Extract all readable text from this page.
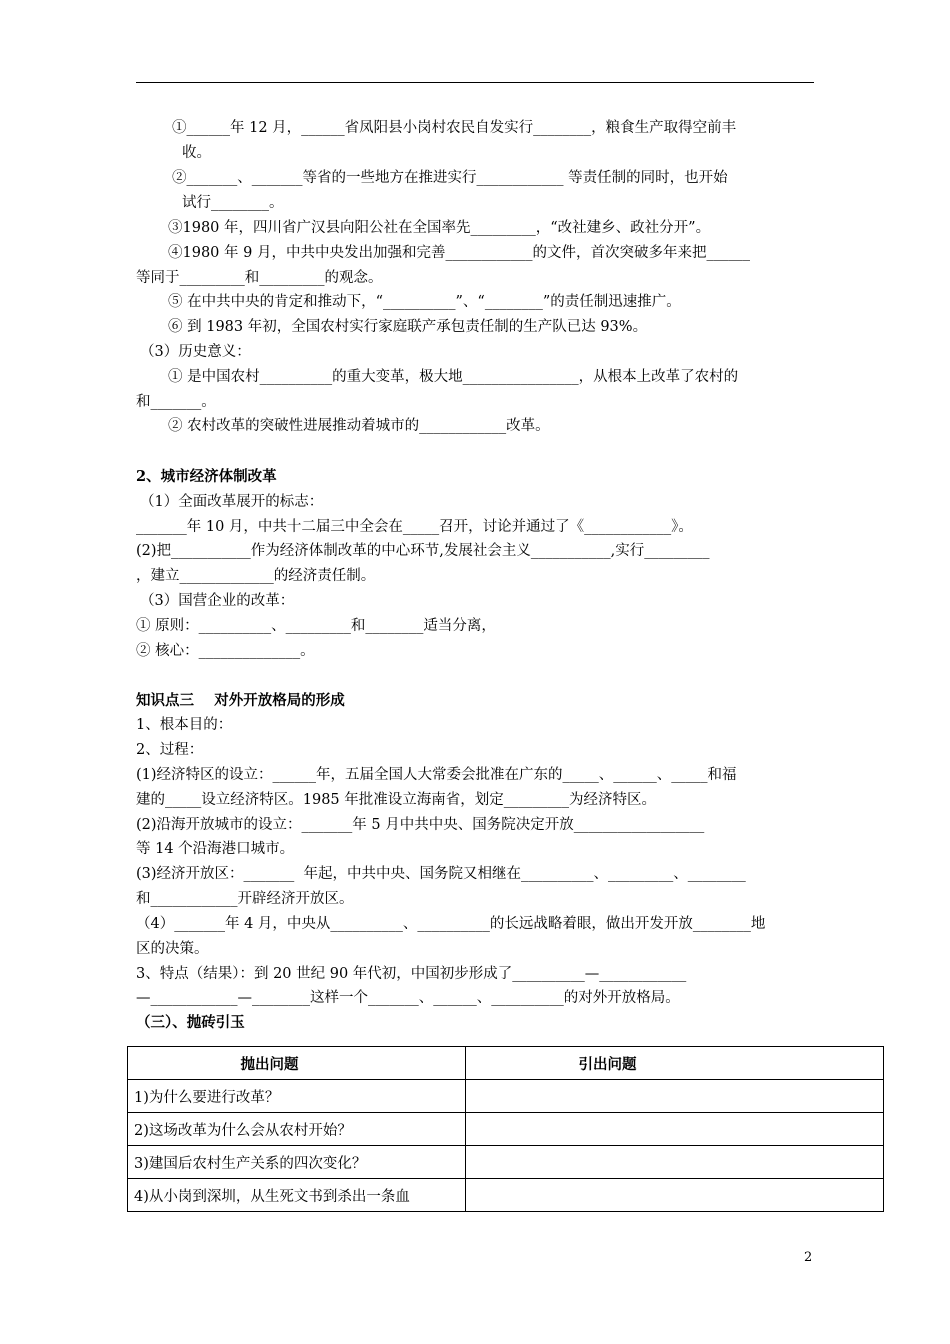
①______年 12 月，______省凤阳县小岗村农民自发实行________，粮食生产取得空前丰
收。
②_______、_______等省的一些地方在推进实行____________ 等责任制的同时，也开始
试行________。
③1980 年，四川省广汉县向阳公社在全国率先_________，“改社建乡、政社分开”。
④1980 年 9 月，中共中央发出加强和完善____________的文件，首次突破多年来把______
等同于_________和_________的观念。
⑤ 在中共中央的肯定和推动下，“__________”、“________”的责任制迅速推广。
⑥ 到 1983 年初，全国农村实行家庭联产承包责任制的生产队已达 93%。
（3）历史意义：
① 是中国农村__________的重大变革，极大地________________，从根本上改革了农村的
和_______。
② 农村改革的突破性进展推动着城市的____________改革。
2、城市经济体制改革
（1）全面改革展开的标志：
_______年 10 月，中共十二届三中全会在_____召开，讨论并通过了《____________》。
(2)把___________作为经济体制改革的中心环节,发展社会主义___________,实行_________
，建立_____________的经济责任制。
（3）国营企业的改革：
① 原则：__________、_________和________适当分离，
② 核心：______________。
知识点三    对外开放格局的形成
1、根本目的：
2、过程：
(1)经济特区的设立：______年，五届全国人大常委会批准在广东的_____、______、_____和福
建的_____设立经济特区。1985 年批准设立海南省，划定_________为经济特区。
(2)沿海开放城市的设立：_______年 5 月中共中央、国务院决定开放__________________
等 14 个沿海港口城市。
(3)经济开放区：_______  年起，中共中央、国务院又相继在__________、_________、________
和____________开辟经济开放区。
（4）_______年 4 月，中央从__________、__________的长远战略着眼，做出开发开放________地
区的决策。
3、特点（结果）：到 20 世纪 90 年代初，中国初步形成了__________—____________
—____________—________这样一个_______、______、__________的对外开放格局。
（三）、抛砖引玉
抛出问题	引出问题
1)为什么要进行改革？	
2)这场改革为什么会从农村开始？	
3)建国后农村生产关系的四次变化？	
4)从小岗到深圳，从生死文书到杀出一条血	
2
